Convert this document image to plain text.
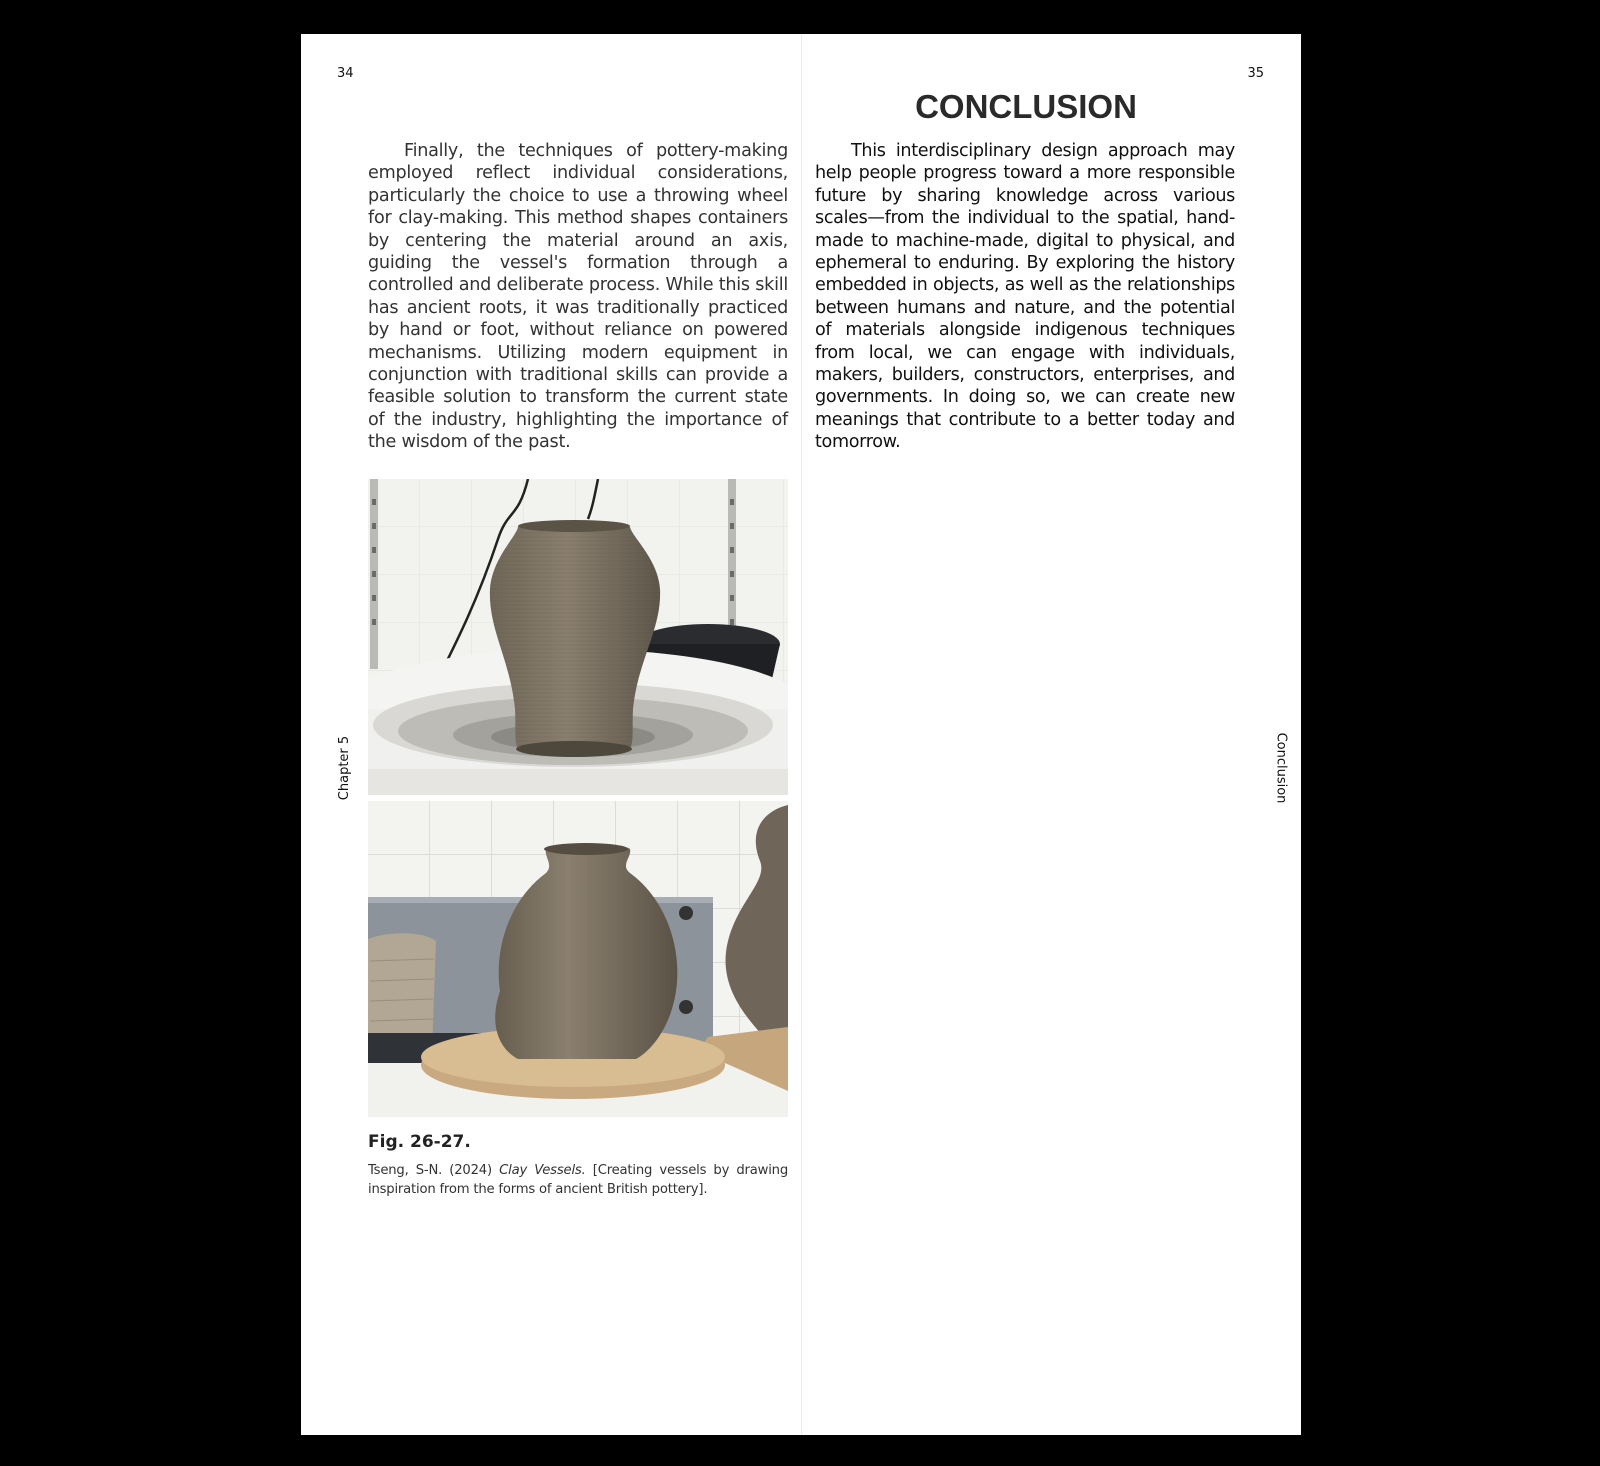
34
Chapter 5

Finally, the techniques of pottery-making employed reflect individual considerations, particularly the choice to use a throwing wheel for clay-making. This method shapes containers by centering the material around an axis, guiding the vessel's formation through a controlled and deliberate process. While this skill has ancient roots, it was traditionally practiced by hand or foot, without reliance on powered mechanisms. Utilizing modern equipment in conjunction with traditional skills can provide a feasible solution to transform the current state of the industry, highlighting the importance of the wisdom of the past.

Fig. 26-27.

Tseng, S-N. (2024) Clay Vessels. [Creating vessels by drawing inspiration from the forms of ancient British pottery].

35
CONCLUSION

This interdisciplinary design approach may help people progress toward a more responsible future by sharing knowledge across various scales—from the individual to the spatial, hand-made to machine-made, digital to physical, and ephemeral to enduring. By exploring the history embedded in objects, as well as the relationships between humans and nature, and the potential of materials alongside indigenous techniques from local, we can engage with individuals, makers, builders, constructors, enterprises, and governments. In doing so, we can create new meanings that contribute to a better today and tomorrow.

Conclusion
